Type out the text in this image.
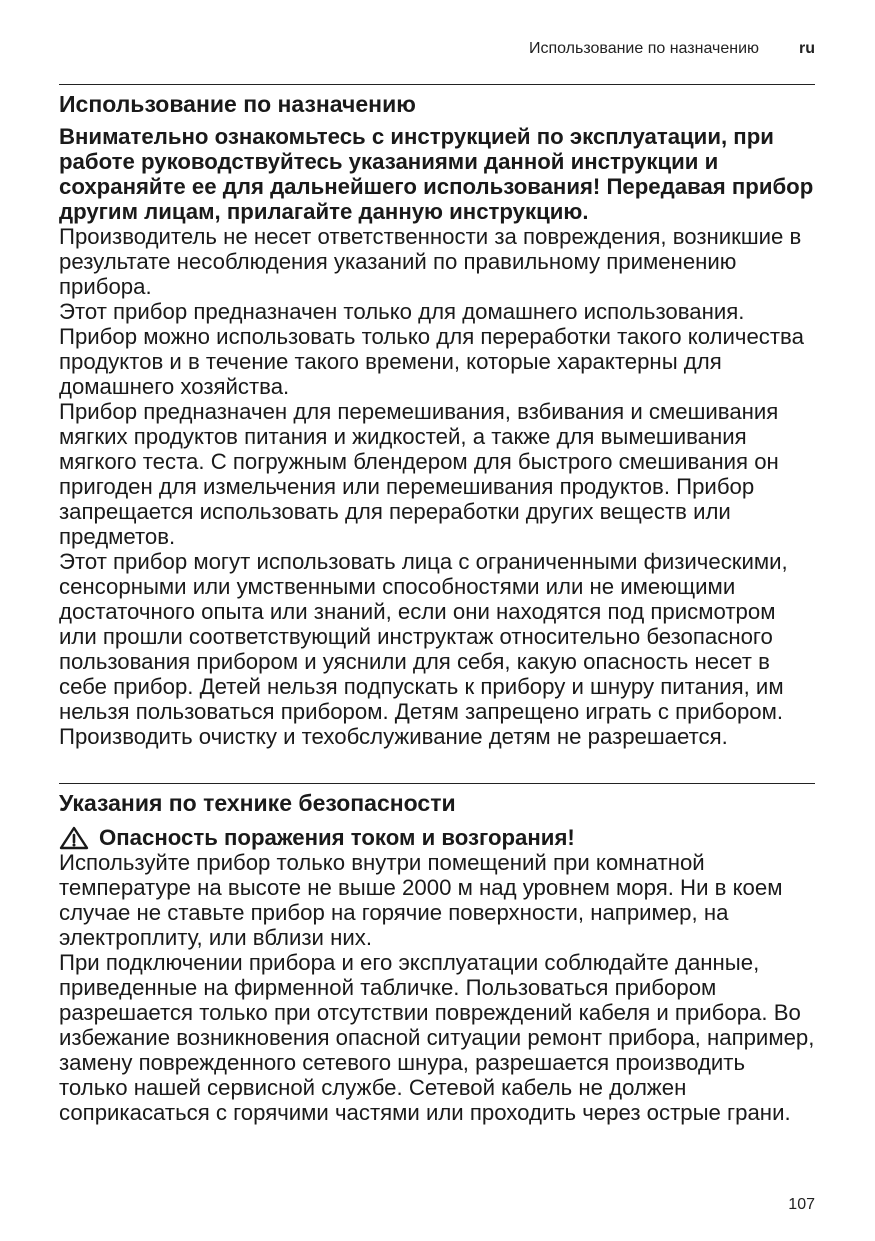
Использование по назначению	ru
Использование по назначению

Внимательно ознакомьтесь с инструкцией по эксплуатации, при работе руководствуйтесь указаниями данной инструкции и сохраняйте ее для дальнейшего использования! Передавая прибор другим лицам, прилагайте данную инструкцию.

Производитель не несет ответственности за повреждения, возникшие в результате несоблюдения указаний по правильному применению прибора.

Этот прибор предназначен только для домашнего использования. Прибор можно использовать только для переработки такого количества продуктов и в течение такого времени, которые характерны для домашнего хозяйства.

Прибор предназначен для перемешивания, взбивания и смешивания мягких продуктов питания и жидкостей, а также для вымешивания мягкого теста. С погружным блендером для быстрого смешивания он пригоден для измельчения или перемешивания продуктов. Прибор запрещается использовать для переработки других веществ или предметов.

Этот прибор могут использовать лица с ограниченными физическими, сенсорными или умственными способностями или не имеющими достаточного опыта или знаний, если они находятся под присмотром или прошли соответствующий инструктаж относительно безопасного пользования прибором и уяснили для себя, какую опасность несет в себе прибор. Детей нельзя подпускать к прибору и шнуру питания, им нельзя пользоваться прибором. Детям запрещено играть с прибором. Производить очистку и техобслуживание детям не разрешается.

Указания по технике безопасности
Опасность поражения током и возгорания!

Используйте прибор только внутри помещений при комнатной температуре на высоте не выше 2000 м над уровнем моря. Ни в коем случае не ставьте прибор на горячие поверхности, например, на электроплиту, или вблизи них.

При подключении прибора и его эксплуатации соблюдайте данные, приведенные на фирменной табличке. Пользоваться прибором разрешается только при отсутствии повреждений кабеля и прибора. Во избежание возникновения опасной ситуации ремонт прибора, например, замену поврежденного сетевого шнура, разрешается производить только нашей сервисной службе. Сетевой кабель не должен соприкасаться с горячими частями или проходить через острые грани.

107
